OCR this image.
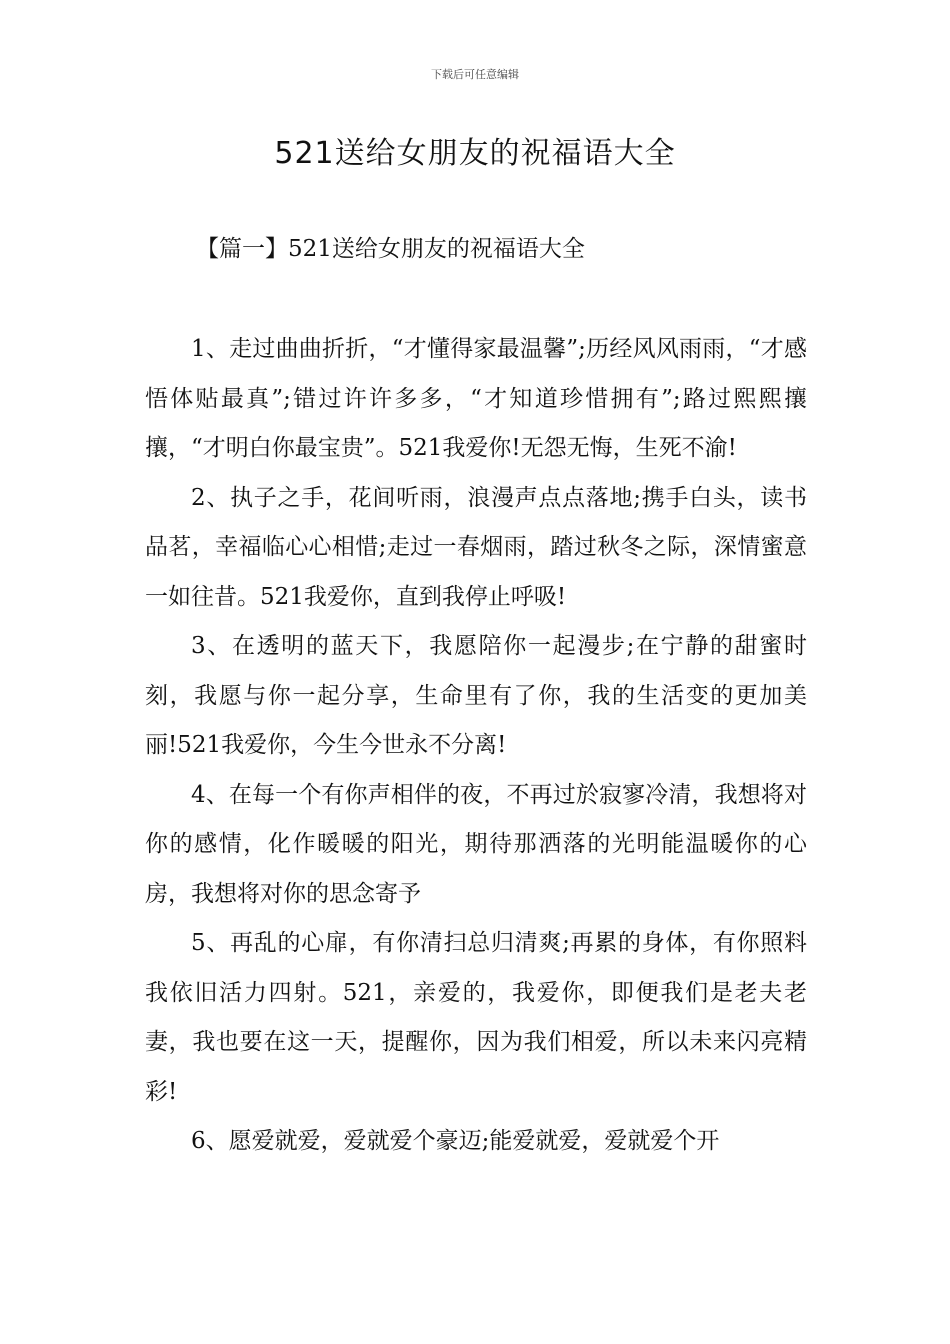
下载后可任意编辑
521送给女朋友的祝福语大全
【篇一】521送给女朋友的祝福语大全

1、走过曲曲折折，“才懂得家最温馨”;历经风风雨雨，“才感悟体贴最真”;错过许许多多，“才知道珍惜拥有”;路过熙熙攘攘，“才明白你最宝贵”。521我爱你!无怨无悔，生死不渝!

2、执子之手，花间听雨，浪漫声点点落地;携手白头，读书品茗，幸福临心心相惜;走过一春烟雨，踏过秋冬之际，深情蜜意一如往昔。521我爱你，直到我停止呼吸!

3、在透明的蓝天下，我愿陪你一起漫步;在宁静的甜蜜时刻，我愿与你一起分享，生命里有了你，我的生活变的更加美丽!521我爱你，今生今世永不分离!

4、在每一个有你声相伴的夜，不再过於寂寥冷清，我想将对你的感情，化作暖暖的阳光，期待那洒落的光明能温暖你的心房，我想将对你的思念寄予

5、再乱的心扉，有你清扫总归清爽;再累的身体，有你照料我依旧活力四射。521，亲爱的，我爱你，即便我们是老夫老妻，我也要在这一天，提醒你，因为我们相爱，所以未来闪亮精彩!

6、愿爱就爱，爱就爱个豪迈;能爱就爱，爱就爱个开
